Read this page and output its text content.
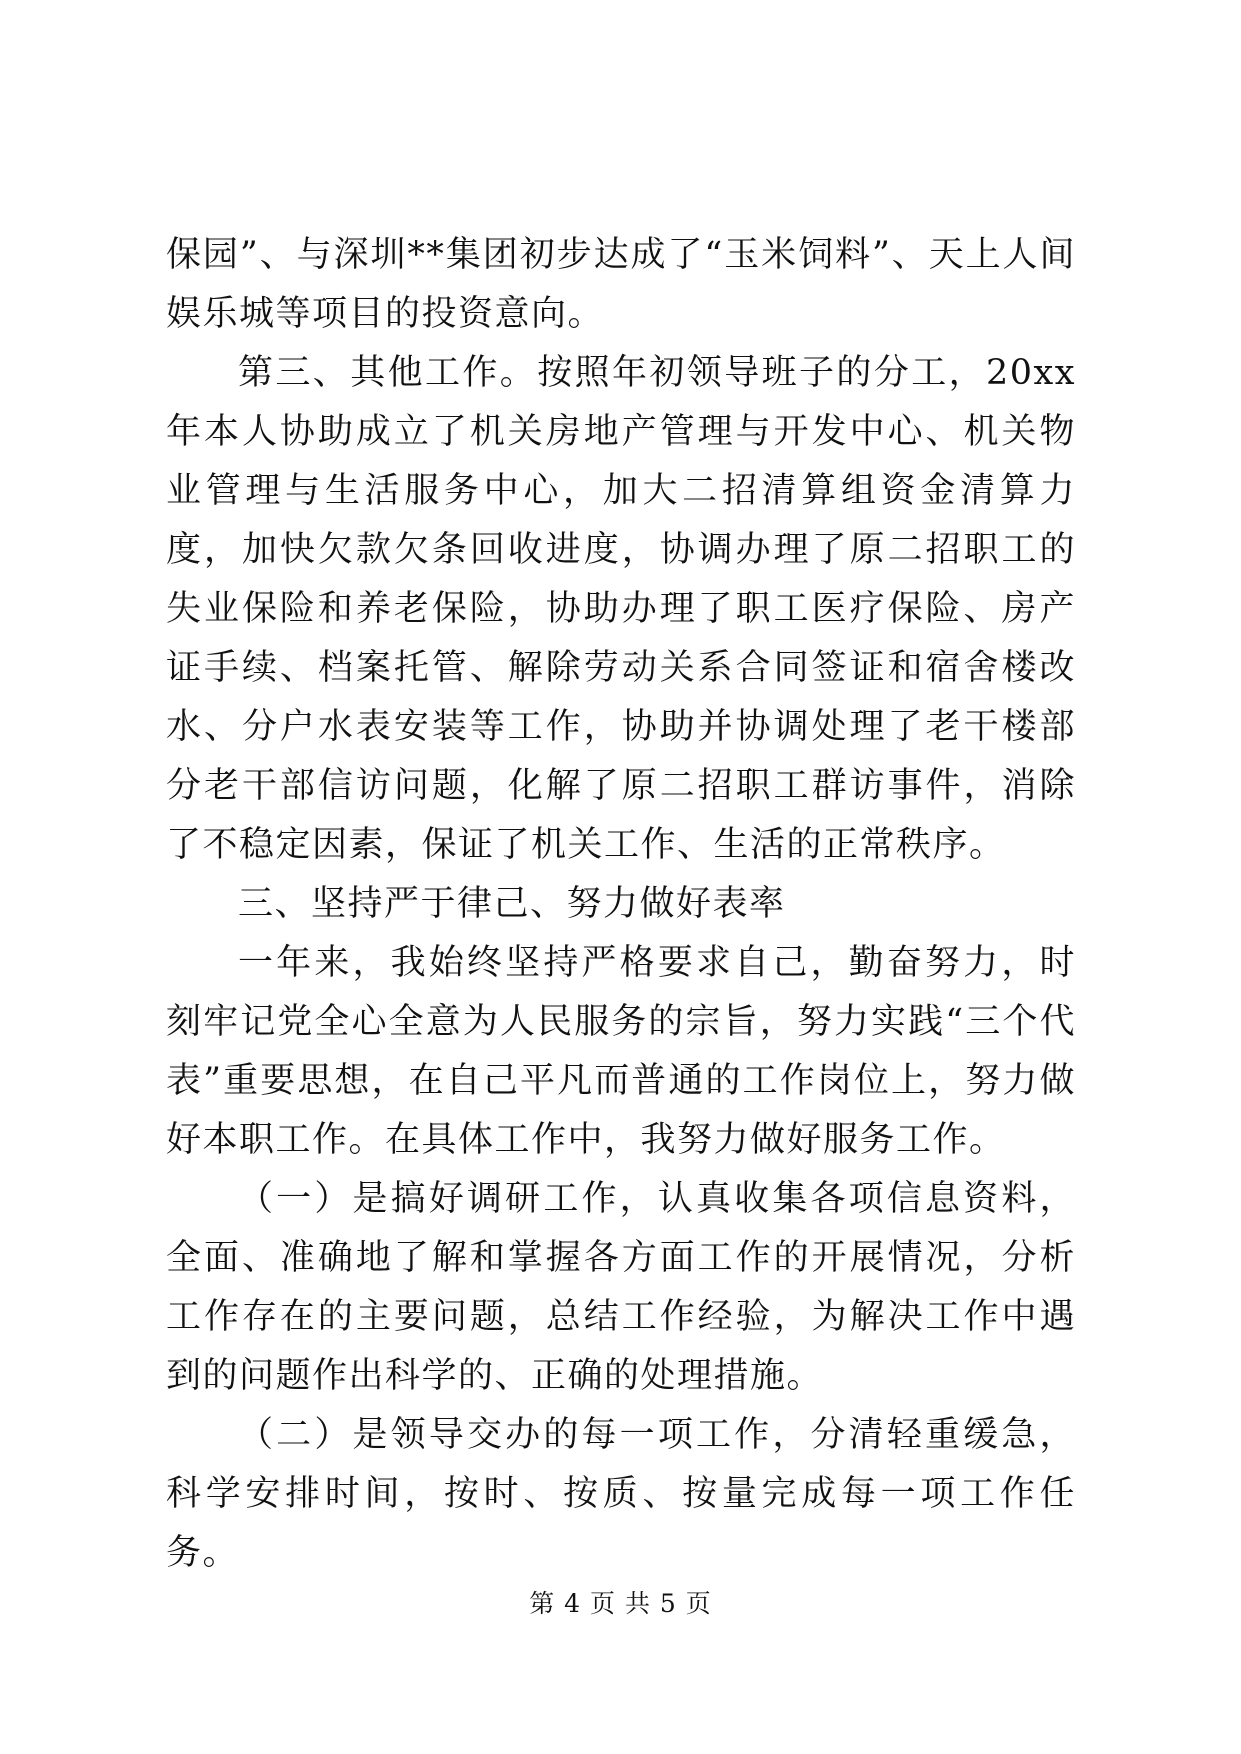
保园”、与深圳**集团初步达成了“玉米饲料”、天上人间娱乐城等项目的投资意向。

第三、其他工作。按照年初领导班子的分工，20xx 年本人协助成立了机关房地产管理与开发中心、机关物业管理与生活服务中心，加大二招清算组资金清算力度，加快欠款欠条回收进度，协调办理了原二招职工的失业保险和养老保险，协助办理了职工医疗保险、房产证手续、档案托管、解除劳动关系合同签证和宿舍楼改水、分户水表安装等工作，协助并协调处理了老干楼部分老干部信访问题，化解了原二招职工群访事件，消除了不稳定因素，保证了机关工作、生活的正常秩序。

三、坚持严于律己、努力做好表率

一年来，我始终坚持严格要求自己，勤奋努力，时刻牢记党全心全意为人民服务的宗旨，努力实践“三个代表”重要思想，在自己平凡而普通的工作岗位上，努力做好本职工作。在具体工作中，我努力做好服务工作。

（一）是搞好调研工作，认真收集各项信息资料，全面、准确地了解和掌握各方面工作的开展情况，分析工作存在的主要问题，总结工作经验，为解决工作中遇到的问题作出科学的、正确的处理措施。

（二）是领导交办的每一项工作，分清轻重缓急，科学安排时间，按时、按质、按量完成每一项工作任务。

第 4 页 共 5 页
